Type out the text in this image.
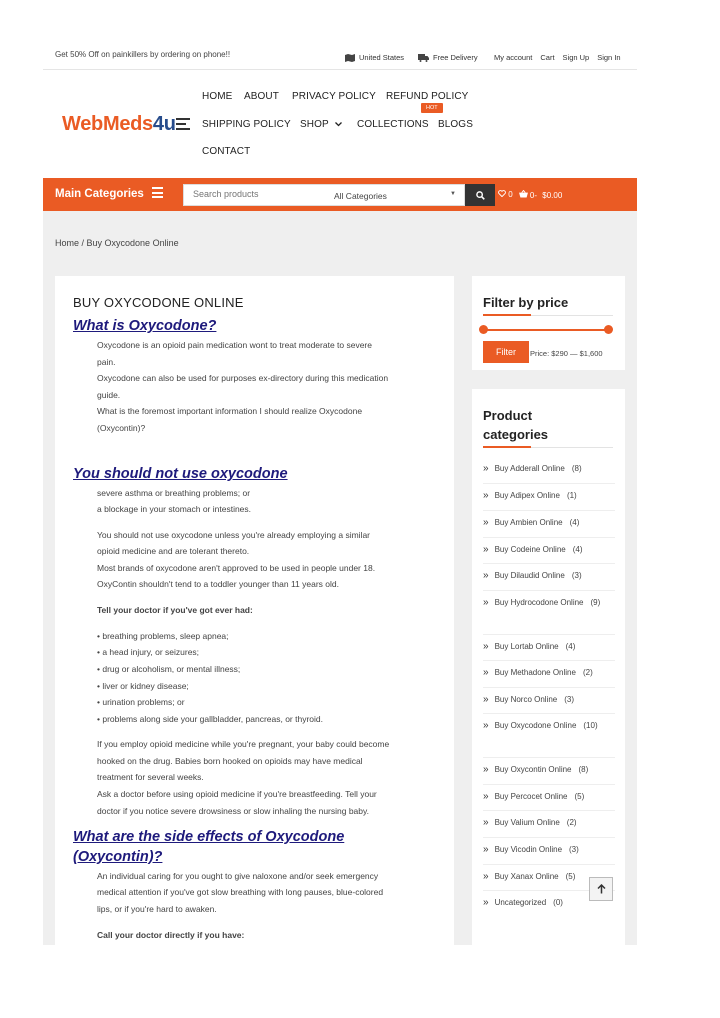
Get 50% Off on painkillers by ordering on phone!!	United States	Free Delivery My account Cart Sign Up Sign In
WebMeds4u
HOME ABOUT PRIVACY POLICY REFUND POLICY
HOT
SHIPPING POLICY SHOP	COLLECTIONS BLOGS
CONTACT
Main Categories
Search products	All Categories	▼	0	0- $0.00
Home / Buy Oxycodone Online
BUY OXYCODONE ONLINE
What is Oxycodone?
Oxycodone is an opioid pain medication wont to treat moderate to severe
pain.
Oxycodone can also be used for purposes ex-directory during this medication
guide.
What is the foremost important information I should realize Oxycodone
(Oxycontin)?
You should not use oxycodone
severe asthma or breathing problems; or
a blockage in your stomach or intestines.
You should not use oxycodone unless you're already employing a similar
opioid medicine and are tolerant thereto.
Most brands of oxycodone aren't approved to be used in people under 18.
OxyContin shouldn't tend to a toddler younger than 11 years old.
Tell your doctor if you've got ever had:
• breathing problems, sleep apnea;
• a head injury, or seizures;
• drug or alcoholism, or mental illness;
• liver or kidney disease;
• urination problems; or
• problems along side your gallbladder, pancreas, or thyroid.
If you employ opioid medicine while you're pregnant, your baby could become
hooked on the drug. Babies born hooked on opioids may have medical
treatment for several weeks.
Ask a doctor before using opioid medicine if you're breastfeeding. Tell your
doctor if you notice severe drowsiness or slow inhaling the nursing baby.
What are the side effects of Oxycodone
(Oxycontin)?
An individual caring for you ought to give naloxone and/or seek emergency
medical attention if you've got slow breathing with long pauses, blue-colored
lips, or if you're hard to awaken.
Call your doctor directly if you have:
Filter by price
Filter	Price: $290 — $1,600
Product
categories
» Buy Adderall Online (8)
» Buy Adipex Online (1)
» Buy Ambien Online (4)
» Buy Codeine Online (4)
» Buy Dilaudid Online (3)
» Buy Hydrocodone Online (9)
» Buy Lortab Online (4)
» Buy Methadone Online (2)
» Buy Norco Online (3)
» Buy Oxycodone Online (10)
» Buy Oxycontin Online (8)
» Buy Percocet Online (5)
» Buy Valium Online (2)
» Buy Vicodin Online (3)
» Buy Xanax Online (5)
» Uncategorized (0)
